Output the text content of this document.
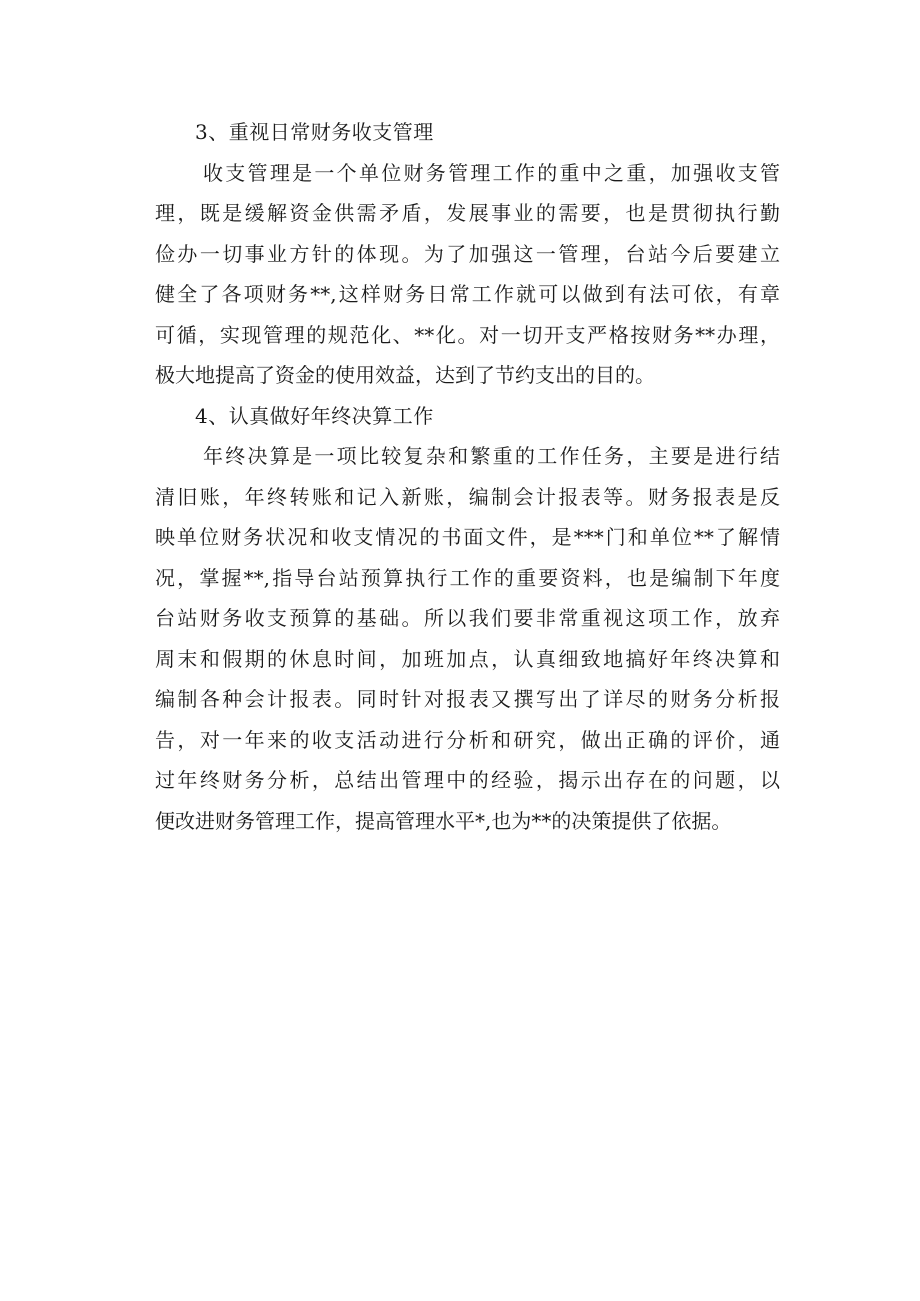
3、重视日常财务收支管理
收支管理是一个单位财务管理工作的重中之重，加强收支管
理，既是缓解资金供需矛盾，发展事业的需要，也是贯彻执行勤
俭办一切事业方针的体现。为了加强这一管理，台站今后要建立
健全了各项财务**,这样财务日常工作就可以做到有法可依，有章
可循，实现管理的规范化、**化。对一切开支严格按财务**办理，
极大地提高了资金的使用效益，达到了节约支出的目的。
4、认真做好年终决算工作
年终决算是一项比较复杂和繁重的工作任务，主要是进行结
清旧账，年终转账和记入新账，编制会计报表等。财务报表是反
映单位财务状况和收支情况的书面文件，是***门和单位**了解情
况，掌握**,指导台站预算执行工作的重要资料，也是编制下年度
台站财务收支预算的基础。所以我们要非常重视这项工作，放弃
周末和假期的休息时间，加班加点，认真细致地搞好年终决算和
编制各种会计报表。同时针对报表又撰写出了详尽的财务分析报
告，对一年来的收支活动进行分析和研究，做出正确的评价，通
过年终财务分析，总结出管理中的经验，揭示出存在的问题，以
便改进财务管理工作，提高管理水平*,也为**的决策提供了依据。
